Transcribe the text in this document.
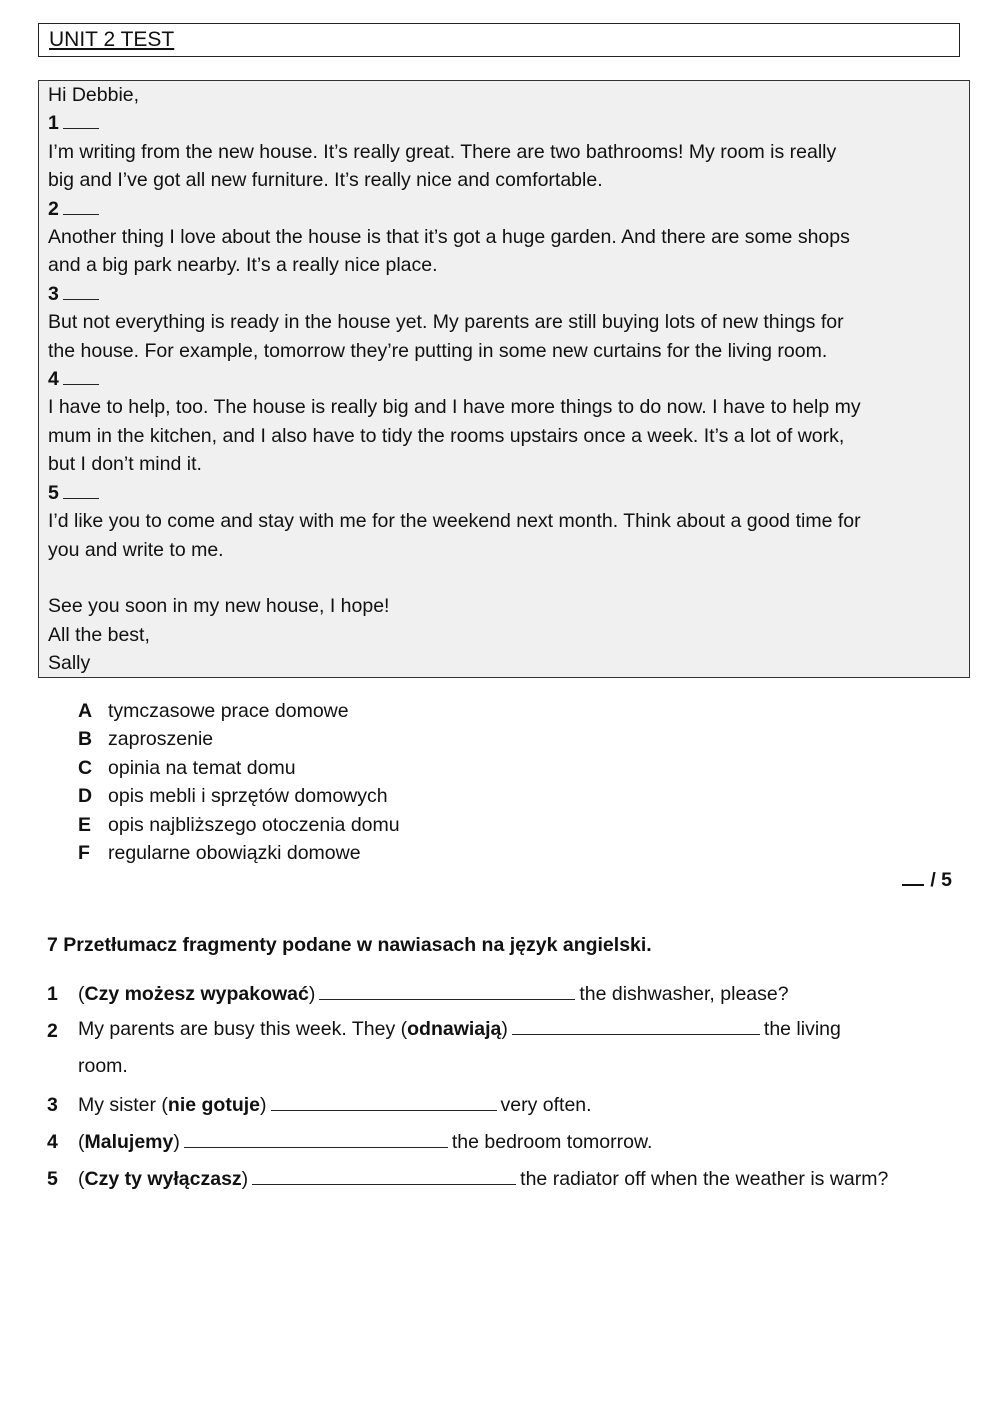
UNIT 2 TEST
Hi Debbie,
1
I’m writing from the new house. It’s really great. There are two bathrooms! My room is really
big and I’ve got all new furniture. It’s really nice and comfortable.
2
Another thing I love about the house is that it’s got a huge garden. And there are some shops
and a big park nearby. It’s a really nice place.
3
But not everything is ready in the house yet. My parents are still buying lots of new things for
the house. For example, tomorrow they’re putting in some new curtains for the living room.
4
I have to help, too. The house is really big and I have more things to do now. I have to help my
mum in the kitchen, and I also have to tidy the rooms upstairs once a week. It’s a lot of work,
but I don’t mind it.
5
I’d like you to come and stay with me for the weekend next month. Think about a good time for
you and write to me.
See you soon in my new house, I hope!
All the best,
Sally
A tymczasowe prace domowe
B zaproszenie
C opinia na temat domu
D opis mebli i sprzętów domowych
E opis najbliższego otoczenia domu
F regularne obowiązki domowe
/ 5
7 Przetłumacz fragmenty podane w nawiasach na język angielski.
1	(Czy możesz wypakować)	the dishwasher, please?
2	My parents are busy this week. They (odnawiają)	the living
room.
3	My sister (nie gotuje)	very often.
4	(Malujemy)	the bedroom tomorrow.
5	(Czy ty wyłączasz)	the radiator off when the weather is warm?
